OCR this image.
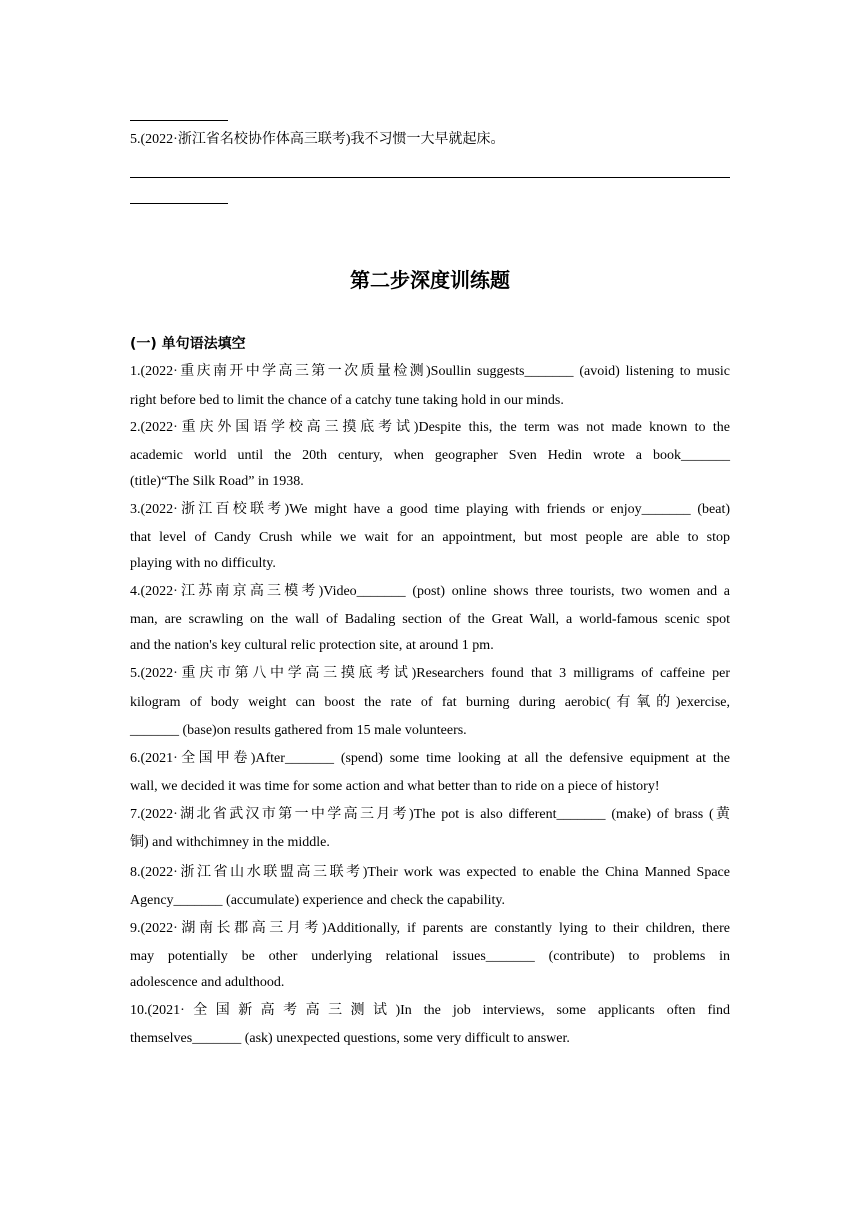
5.(2022·浙江省名校协作体高三联考)我不习惯一大早就起床。
第二步深度训练题
(一) 单句语法填空
1.(2022·重庆南开中学高三第一次质量检测)Soullin suggests_______ (avoid) listening to music
right before bed to limit the chance of a catchy tune taking hold in our minds.
2.(2022·重庆外国语学校高三摸底考试)Despite this, the term was not made known to the
academic world until the 20th century, when geographer Sven Hedin wrote a book_______
(title)“The Silk Road” in 1938.
3.(2022·浙江百校联考)We might have a good time playing with friends or enjoy_______ (beat)
that level of Candy Crush while we wait for an appointment, but most people are able to stop
playing with no difficulty.
4.(2022·江苏南京高三模考)Video_______ (post) online shows three tourists, two women and a
man, are scrawling on the wall of Badaling section of the Great Wall, a world-famous scenic spot
and the nation's key cultural relic protection site, at around 1 pm.
5.(2022·重庆市第八中学高三摸底考试)Researchers found that 3 milligrams of caffeine per
kilogram of body weight can boost the rate of fat burning during aerobic(有氧的)exercise,
_______ (base)on results gathered from 15 male volunteers.
6.(2021·全国甲卷)After_______ (spend) some time looking at all the defensive equipment at the
wall, we decided it was time for some action and what better than to ride on a piece of history!
7.(2022·湖北省武汉市第一中学高三月考)The pot is also different_______ (make) of brass (黄
铜) and withchimney in the middle.
8.(2022·浙江省山水联盟高三联考)Their work was expected to enable the China Manned Space
Agency_______ (accumulate) experience and check the capability.
9.(2022·湖南长郡高三月考)Additionally, if parents are constantly lying to their children, there
may potentially be other underlying relational issues_______ (contribute) to problems in
adolescence and adulthood.
10.(2021·全国新高考高三测试)In the job interviews, some applicants often find
themselves_______ (ask) unexpected questions, some very difficult to answer.
